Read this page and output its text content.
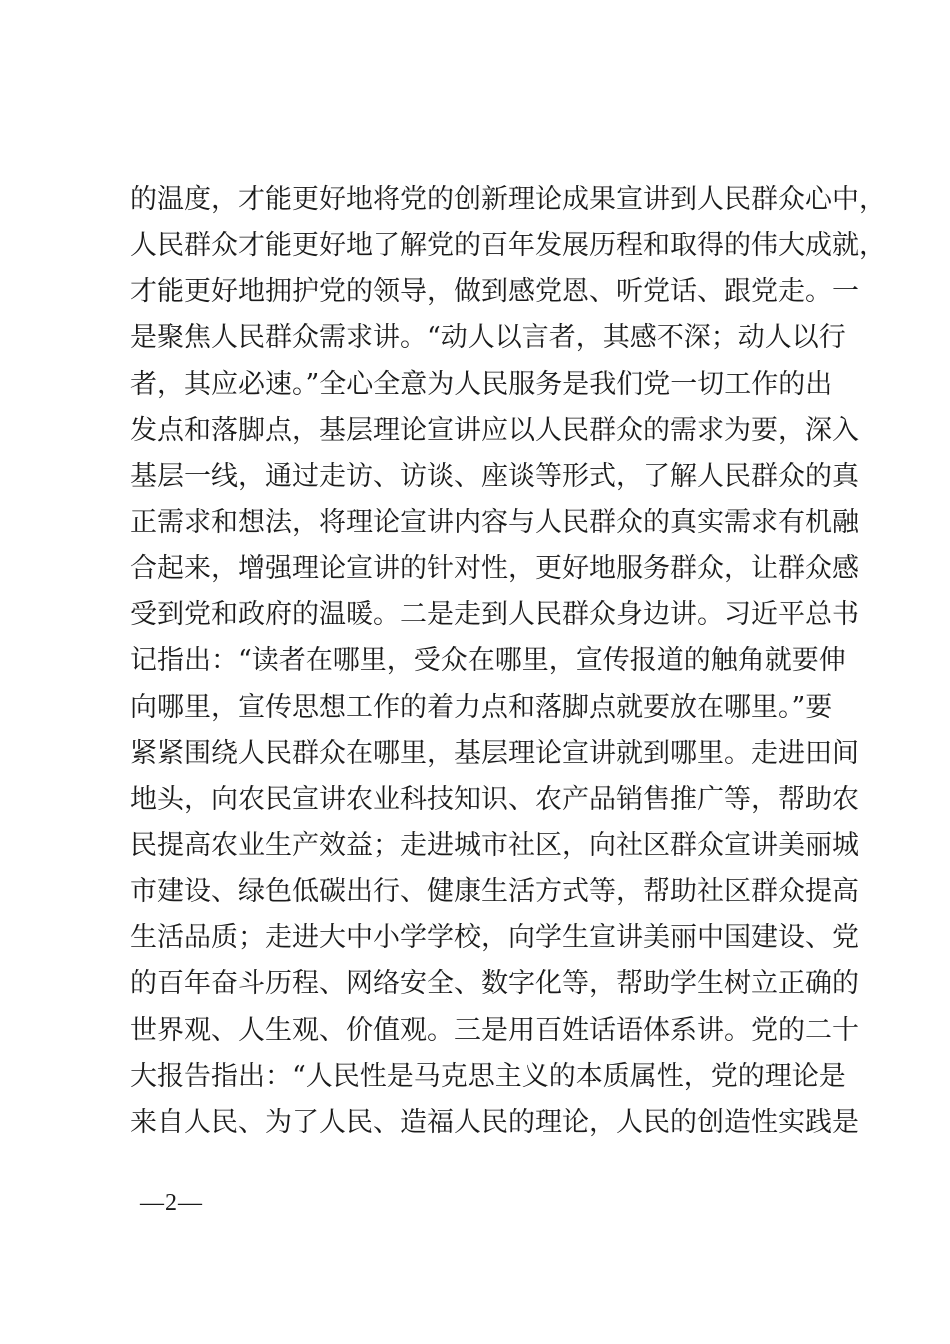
的温度，才能更好地将党的创新理论成果宣讲到人民群众心中，
人民群众才能更好地了解党的百年发展历程和取得的伟大成就，
才能更好地拥护党的领导，做到感党恩、听党话、跟党走。一
是聚焦人民群众需求讲。“动人以言者，其感不深；动人以行
者，其应必速。”全心全意为人民服务是我们党一切工作的出
发点和落脚点，基层理论宣讲应以人民群众的需求为要，深入
基层一线，通过走访、访谈、座谈等形式，了解人民群众的真
正需求和想法，将理论宣讲内容与人民群众的真实需求有机融
合起来，增强理论宣讲的针对性，更好地服务群众，让群众感
受到党和政府的温暖。二是走到人民群众身边讲。习近平总书
记指出：“读者在哪里，受众在哪里，宣传报道的触角就要伸
向哪里，宣传思想工作的着力点和落脚点就要放在哪里。”要
紧紧围绕人民群众在哪里，基层理论宣讲就到哪里。走进田间
地头，向农民宣讲农业科技知识、农产品销售推广等，帮助农
民提高农业生产效益；走进城市社区，向社区群众宣讲美丽城
市建设、绿色低碳出行、健康生活方式等，帮助社区群众提高
生活品质；走进大中小学学校，向学生宣讲美丽中国建设、党
的百年奋斗历程、网络安全、数字化等，帮助学生树立正确的
世界观、人生观、价值观。三是用百姓话语体系讲。党的二十
大报告指出：“人民性是马克思主义的本质属性，党的理论是
来自人民、为了人民、造福人民的理论，人民的创造性实践是
—2—
